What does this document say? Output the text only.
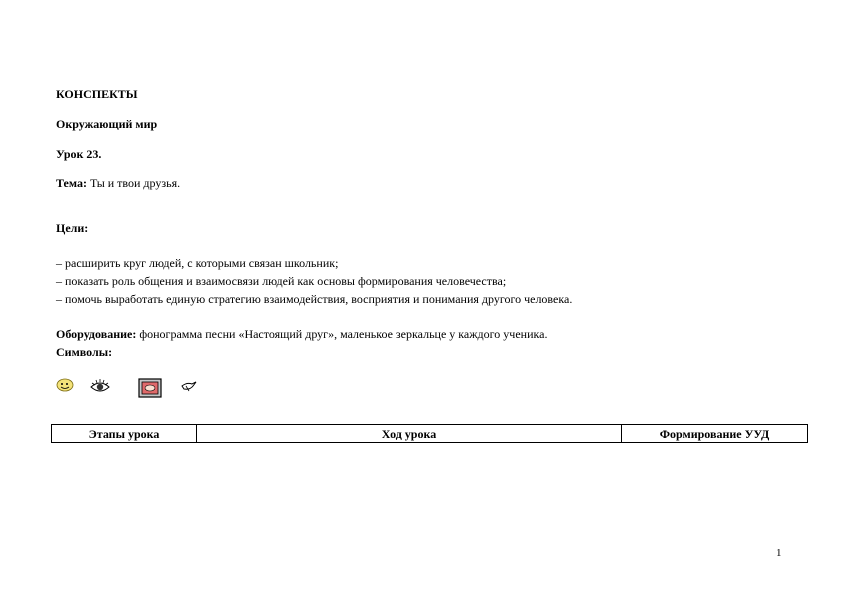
КОНСПЕКТЫ
Окружающий мир
Урок 23.
Тема: Ты и твои друзья.
Цели:
– расширить круг людей, с которыми связан школьник;
– показать роль общения и взаимосвязи людей как основы формирования человечества;
– помочь выработать единую стратегию взаимодействия, восприятия и понимания другого человека.
Оборудование: фонограмма песни «Настоящий друг», маленькое зеркальце у каждого ученика.
Символы:
Этапы урока	Ход урока	Формирование УУД
1
